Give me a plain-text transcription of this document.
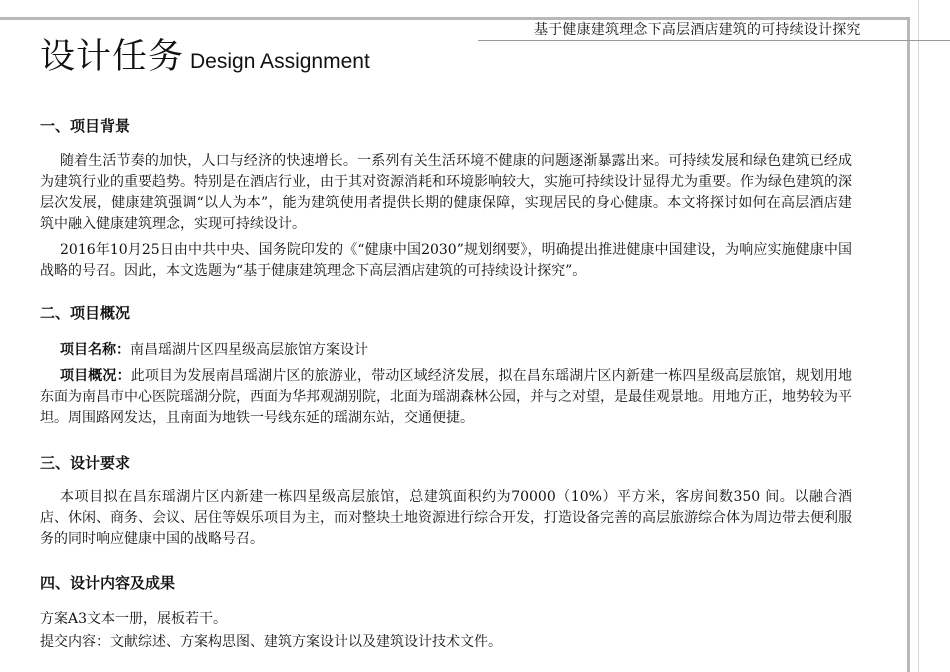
基于健康建筑理念下高层酒店建筑的可持续设计探究
设计任务 Design Assignment
一、项目背景
随着生活节奏的加快，人口与经济的快速增长。一系列有关生活环境不健康的问题逐渐暴露出来。可持续发展和绿色建筑已经成为建筑行业的重要趋势。特别是在酒店行业，由于其对资源消耗和环境影响较大，实施可持续设计显得尤为重要。作为绿色建筑的深层次发展，健康建筑强调“以人为本”，能为建筑使用者提供长期的健康保障，实现居民的身心健康。本文将探讨如何在高层酒店建筑中融入健康建筑理念，实现可持续设计。
2016年10月25日由中共中央、国务院印发的《“健康中国2030”规划纲要》，明确提出推进健康中国建设，为响应实施健康中国战略的号召。因此，本文选题为“基于健康建筑理念下高层酒店建筑的可持续设计探究”。
二、项目概况
项目名称：南昌瑶湖片区四星级高层旅馆方案设计
项目概况：此项目为发展南昌瑶湖片区的旅游业，带动区域经济发展，拟在昌东瑶湖片区内新建一栋四星级高层旅馆，规划用地东面为南昌市中心医院瑶湖分院，西面为华邦观湖别院，北面为瑶湖森林公园，并与之对望，是最佳观景地。用地方正，地势较为平坦。周围路网发达，且南面为地铁一号线东延的瑶湖东站，交通便捷。
三、设计要求
本项目拟在昌东瑶湖片区内新建一栋四星级高层旅馆，总建筑面积约为70000（10%）平方米，客房间数350 间。以融合酒店、休闲、商务、会议、居住等娱乐项目为主，而对整块土地资源进行综合开发，打造设备完善的高层旅游综合体为周边带去便利服务的同时响应健康中国的战略号召。
四、设计内容及成果
方案A3文本一册，展板若干。
提交内容：文献综述、方案构思图、建筑方案设计以及建筑设计技术文件。
